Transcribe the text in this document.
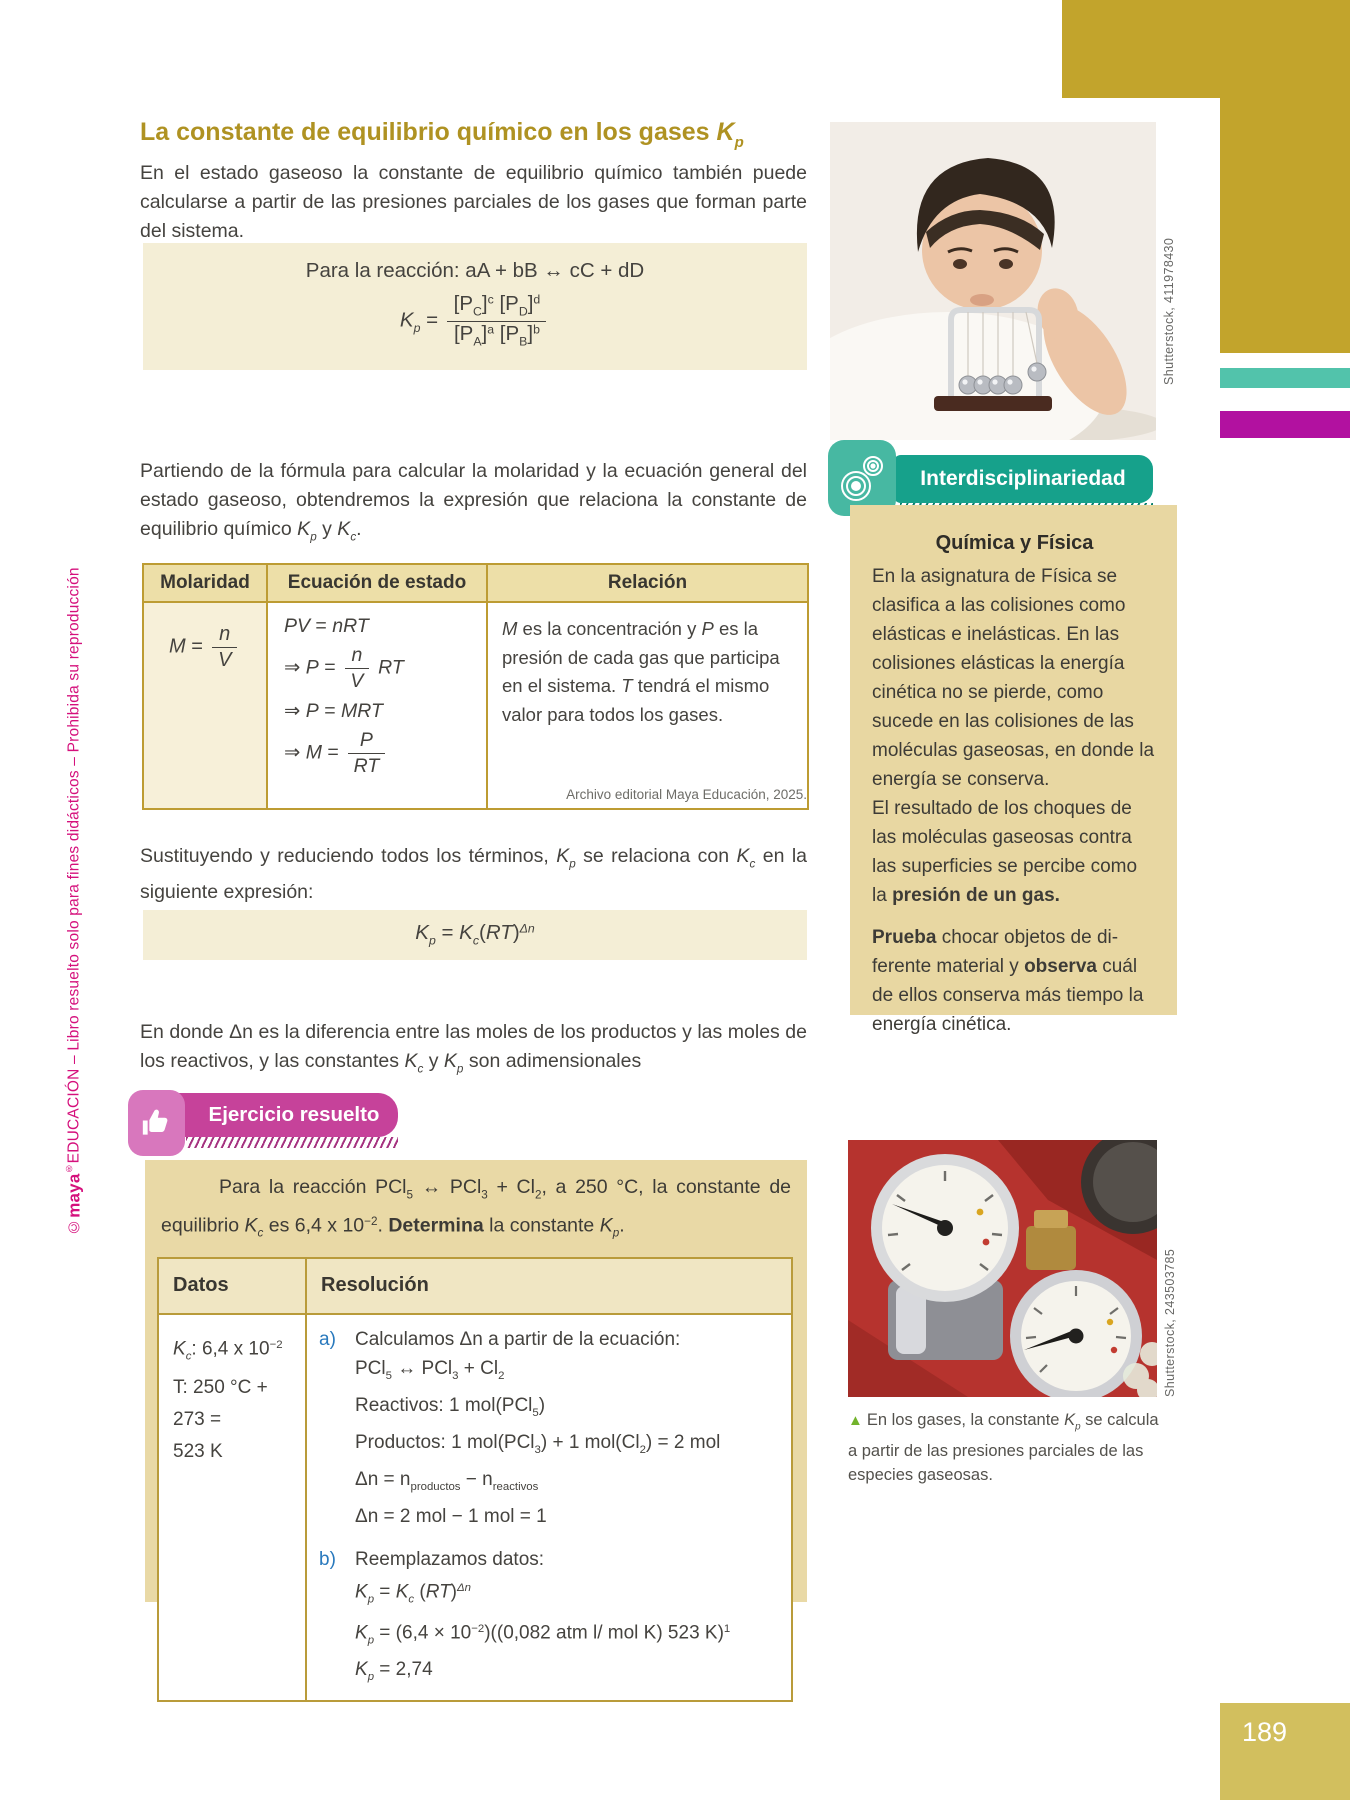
189
©maya®EDUCACIÓN – Libro resuelto solo para fines didácticos – Prohibida su reproducción
La constante de equilibrio químico en los gases $K_p$

En el estado gaseoso la constante de equilibrio químico también puede calcularse a partir de las presiones parciales de los gases que forman parte del sistema.

Para la reacción: aA + bB ↔ cC + dD
$K_p = \frac{[P_C]^c [P_D]^d}{[P_A]^a [P_B]^b}$

Partiendo de la fórmula para calcular la molaridad y la ecuación general del estado gaseoso, obtendremos la expresión que relaciona la constante de equilibrio químico $K_p$ y $K_c$.

Molaridad	Ecuación de estado	Relación
$M = \frac{n}{V}$	PV = nRT
⇒ $P = \frac{n}{V}$ RT
⇒ P = MRT
⇒ $M = \frac{P}{RT}$
	M es la concentración y P es la presión de cada gas que participa en el sistema. T tendrá el mismo valor para todos los gases.
Archivo editorial Maya Educación, 2025.

Sustituyendo y reduciendo todos los términos, $K_p$ se relaciona con $K_c$ en la siguiente expresión:

$K_p = K_c(RT)^{\Delta n}$

En donde Δn es la diferencia entre las moles de los productos y las moles de los reactivos, y las constantes $K_c$ y $K_p$ son adimensionales

Ejercicio resuelto

Para la reacción PCl$_5$ ↔ $PCl_3 + Cl_2$, a 250 °C, la constante de equilibrio $K_c$ es 6,4 x $10^{-2}$. Determina la constante $K_p$.

Datos	Resolución

$K_c$: 6,4 x $10^{-2}$
T: 250 °C + 273 =
523 K

a)	Calculamos Δn a partir de la ecuación:
PCl$_5$ ↔ $PCl_3 + Cl_2$
Reactivos: 1 mol(PCl$_5$)
Productos: 1 mol(PCl$_3$) + 1 $mol(Cl_2) = 2$ mol
$\Delta n = n_{productos} - n_{reactivos}$
Δn = 2 mol − 1 mol = 1
b)	Reemplazamos datos:
$K_p = K_c$ (RT)$^{\Delta n}$
$K_p = (6,4 \times 10^{-2})((0,082$ atm l/ mol K) 523 K)$^1$
$K_p = 2,74$
Shutterstock, 411978430
Interdisciplinariedad
Química y Física

En la asignatura de Física se clasifica a las colisiones como elásticas e inelásticas. En las colisiones elásticas la energía cinética no se pierde, como sucede en las colisiones de las moléculas gaseosas, en donde la energía se conserva.

El resultado de los choques de las moléculas gaseosas contra las superficies se percibe como la presión de un gas.

Prueba chocar objetos de diferente material y observa cuál de ellos conserva más tiempo la energía cinética.

Shutterstock, 243503785
▲ En los gases, la constante $K_p$ se calcula a partir de las presiones parciales de las especies gaseosas.
